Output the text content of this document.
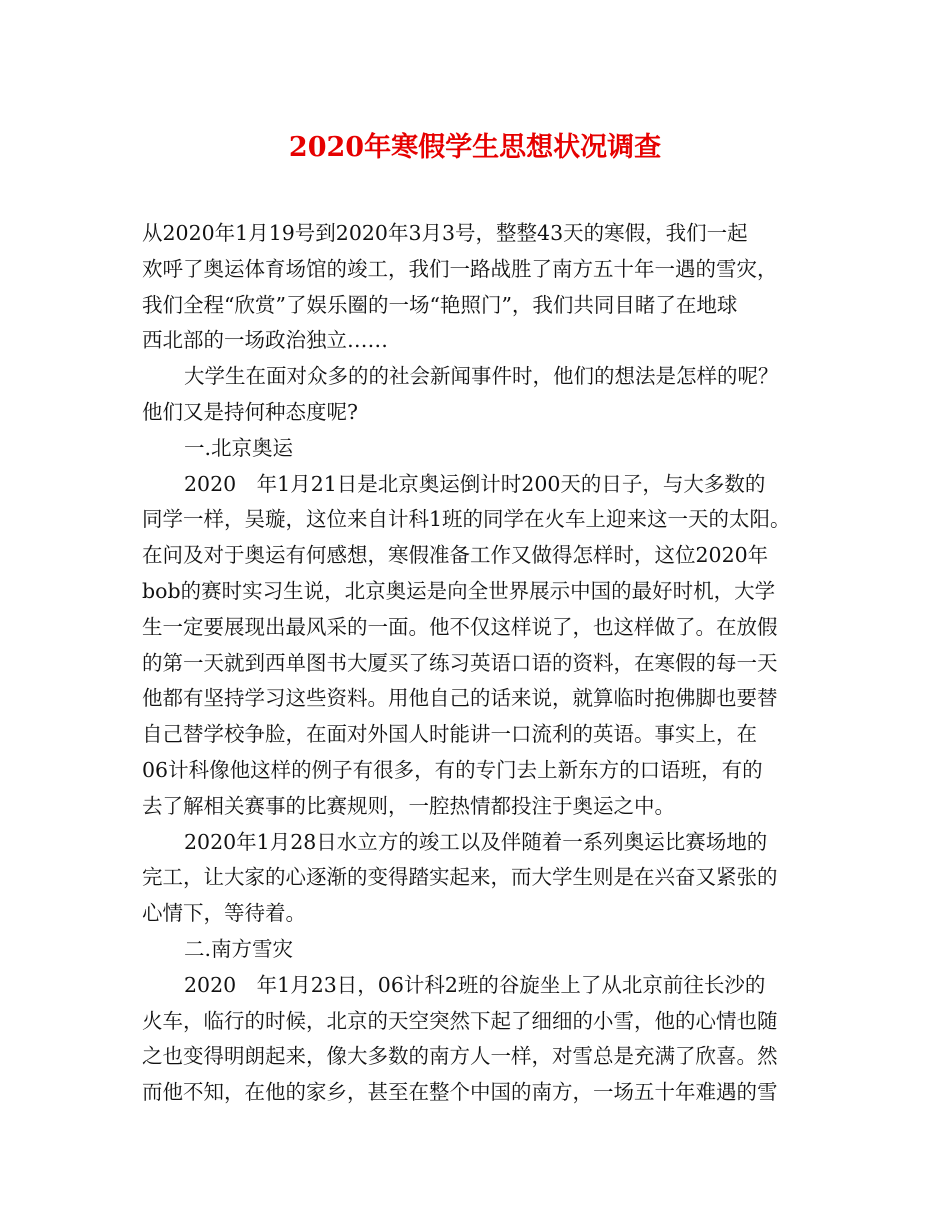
2020年寒假学生思想状况调查

从2020年1月19号到2020年3月3号，整整43天的寒假，我们一起

欢呼了奥运体育场馆的竣工，我们一路战胜了南方五十年一遇的雪灾，

我们全程“欣赏”了娱乐圈的一场“艳照门”，我们共同目睹了在地球

西北部的一场政治独立……

大学生在面对众多的的社会新闻事件时，他们的想法是怎样的呢？

他们又是持何种态度呢?

一.北京奥运

2020　年1月21日是北京奥运倒计时200天的日子，与大多数的

同学一样，吴璇，这位来自计科1班的同学在火车上迎来这一天的太阳。

在问及对于奥运有何感想，寒假准备工作又做得怎样时，这位2020年

bob的赛时实习生说，北京奥运是向全世界展示中国的最好时机，大学

生一定要展现出最风采的一面。他不仅这样说了，也这样做了。在放假

的第一天就到西单图书大厦买了练习英语口语的资料，在寒假的每一天

他都有坚持学习这些资料。用他自己的话来说，就算临时抱佛脚也要替

自己替学校争脸，在面对外国人时能讲一口流利的英语。事实上，在

06计科像他这样的例子有很多，有的专门去上新东方的口语班，有的

去了解相关赛事的比赛规则，一腔热情都投注于奥运之中。

2020年1月28日水立方的竣工以及伴随着一系列奥运比赛场地的

完工，让大家的心逐渐的变得踏实起来，而大学生则是在兴奋又紧张的

心情下，等待着。

二.南方雪灾

2020　年1月23日，06计科2班的谷旋坐上了从北京前往长沙的

火车，临行的时候，北京的天空突然下起了细细的小雪，他的心情也随

之也变得明朗起来，像大多数的南方人一样，对雪总是充满了欣喜。然

而他不知，在他的家乡，甚至在整个中国的南方，一场五十年难遇的雪
